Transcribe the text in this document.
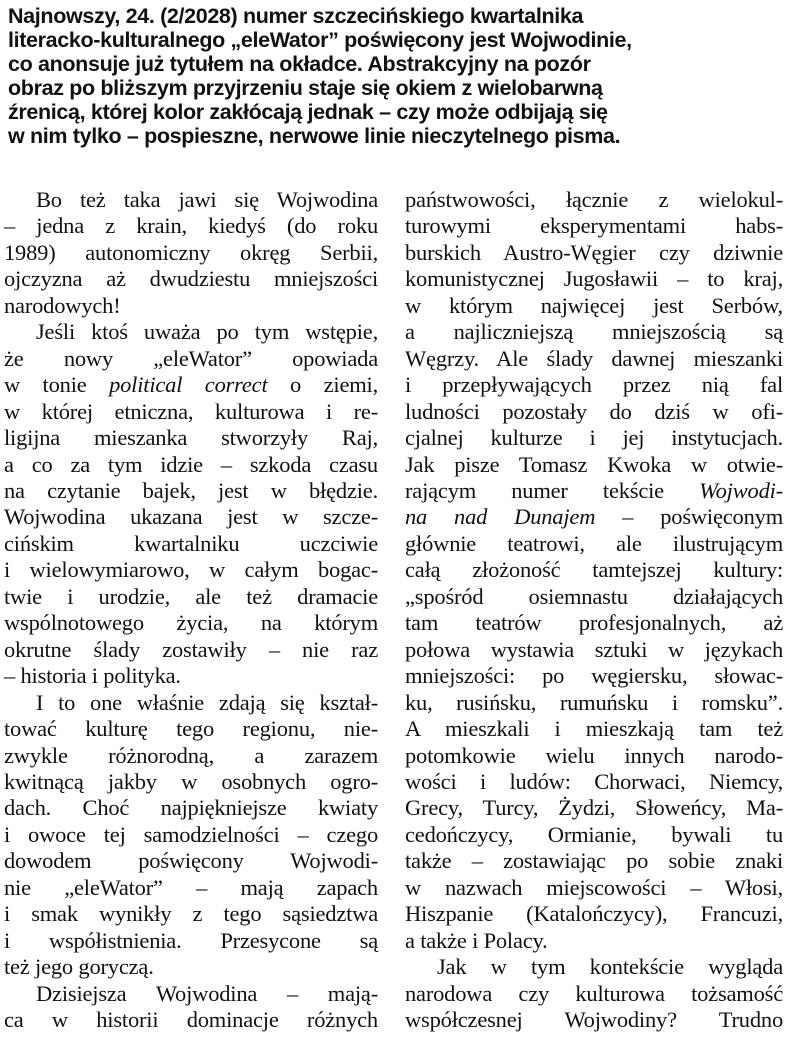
Najnowszy, 24. (2/2028) numer szczecińskiego kwartalnika
literacko-kulturalnego „eleWator” poświęcony jest Wojwodinie,
co anonsuje już tytułem na okładce. Abstrakcyjny na pozór
obraz po bliższym przyjrzeniu staje się okiem z wielobarwną
źrenicą, której kolor zakłócają jednak – czy może odbijają się
w nim tylko – pospieszne, nerwowe linie nieczytelnego pisma.
Bo też taka jawi się Wojwodina
– jedna z krain, kiedyś (do roku
1989) autonomiczny okręg Serbii,
ojczyzna aż dwudziestu mniejszości
narodowych!
Jeśli ktoś uważa po tym wstępie,
że nowy „eleWator” opowiada
w tonie political correct o ziemi,
w której etniczna, kulturowa i re-
ligijna mieszanka stworzyły Raj,
a co za tym idzie – szkoda czasu
na czytanie bajek, jest w błędzie.
Wojwodina ukazana jest w szcze-
cińskim kwartalniku uczciwie
i wielowymiarowo, w całym bogac-
twie i urodzie, ale też dramacie
wspólnotowego życia, na którym
okrutne ślady zostawiły – nie raz
– historia i polityka.
I to one właśnie zdają się kształ-
tować kulturę tego regionu, nie-
zwykle różnorodną, a zarazem
kwitnącą jakby w osobnych ogro-
dach. Choć najpiękniejsze kwiaty
i owoce tej samodzielności – czego
dowodem poświęcony Wojwodi-
nie „eleWator” – mają zapach
i smak wynikły z tego sąsiedztwa
i współistnienia. Przesycone są
też jego goryczą.
Dzisiejsza Wojwodina – mają-
ca w historii dominacje różnych
państwowości, łącznie z wielokul-
turowymi eksperymentami habs-
burskich Austro-Węgier czy dziwnie
komunistycznej Jugosławii – to kraj,
w którym najwięcej jest Serbów,
a najliczniejszą mniejszością są
Węgrzy. Ale ślady dawnej mieszanki
i przepływających przez nią fal
ludności pozostały do dziś w ofi-
cjalnej kulturze i jej instytucjach.
Jak pisze Tomasz Kwoka w otwie-
rającym numer tekście Wojwodi-
na nad Dunajem – poświęconym
głównie teatrowi, ale ilustrującym
całą złożoność tamtejszej kultury:
„spośród osiemnastu działających
tam teatrów profesjonalnych, aż
połowa wystawia sztuki w językach
mniejszości: po węgiersku, słowac-
ku, rusińsku, rumuńsku i romsku”.
A mieszkali i mieszkają tam też
potomkowie wielu innych narodo-
wości i ludów: Chorwaci, Niemcy,
Grecy, Turcy, Żydzi, Słoweńcy, Ma-
cedończycy, Ormianie, bywali tu
także – zostawiając po sobie znaki
w nazwach miejscowości – Włosi,
Hiszpanie (Katalończycy), Francuzi,
a także i Polacy.
Jak w tym kontekście wygląda
narodowa czy kulturowa tożsamość
współczesnej Wojwodiny? Trudno
